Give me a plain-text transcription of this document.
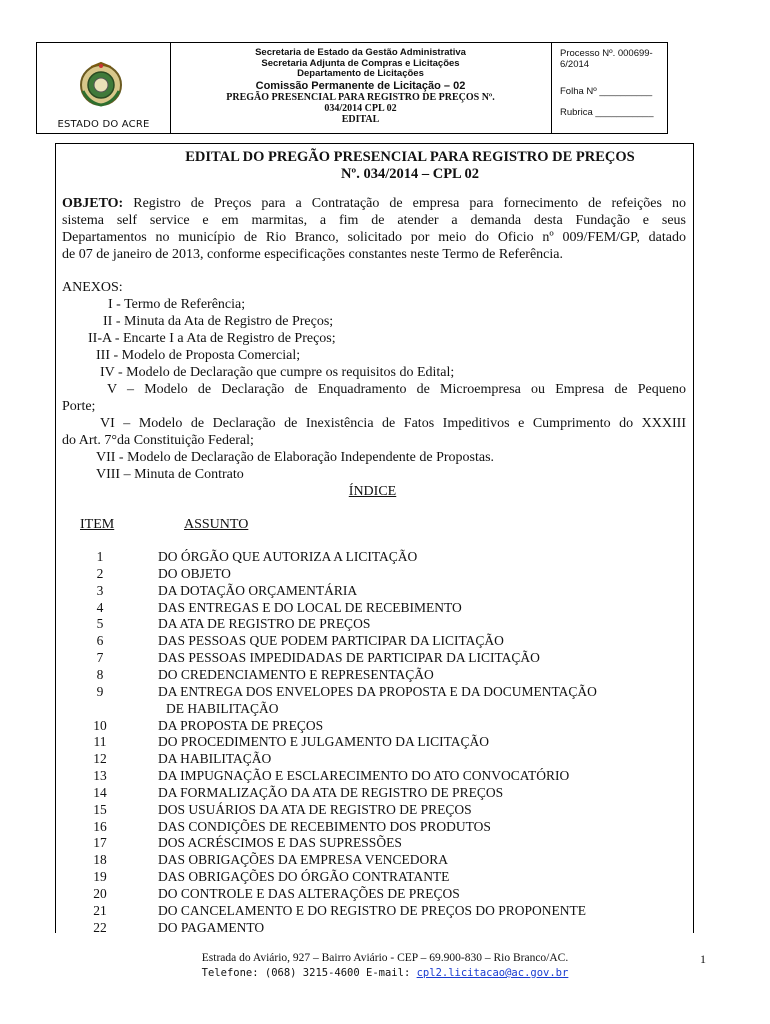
ESTADO DO ACRE
Secretaria de Estado da Gestão Administrativa
Secretaria Adjunta de Compras e Licitações
Departamento de Licitações
Comissão Permanente de Licitação – 02
PREGÃO PRESENCIAL PARA REGISTRO DE PREÇOS Nº.
034/2014 CPL 02
EDITAL
Processo Nº. 000699-6/2014
Folha Nº __________
Rubrica ___________
EDITAL DO PREGÃO PRESENCIAL PARA REGISTRO DE PREÇOS
Nº. 034/2014 – CPL 02
OBJETO: Registro de Preços para a Contratação de empresa para fornecimento de refeições no
sistema self service e em marmitas, a fim de atender a demanda desta Fundação e seus
Departamentos no município de Rio Branco, solicitado por meio do Oficio nº 009/FEM/GP, datado
de 07 de janeiro de 2013, conforme especificações constantes neste Termo de Referência.
ANEXOS:
I - Termo de Referência;
II - Minuta da Ata de Registro de Preços;
II-A - Encarte I a Ata de Registro de Preços;
III - Modelo de Proposta Comercial;
IV - Modelo de Declaração que cumpre os requisitos do Edital;
V – Modelo de Declaração de Enquadramento de Microempresa ou Empresa de Pequeno
Porte;
VI – Modelo de Declaração de Inexistência de Fatos Impeditivos e Cumprimento do XXXIII
do Art. 7°da Constituição Federal;
VII - Modelo de Declaração de Elaboração Independente de Propostas.
VIII – Minuta de Contrato
ÍNDICE
ITEM	ASSUNTO
1	DO ÓRGÃO QUE AUTORIZA A LICITAÇÃO
2	DO OBJETO
3	DA DOTAÇÃO ORÇAMENTÁRIA
4	DAS ENTREGAS E DO LOCAL DE RECEBIMENTO
5	DA ATA DE REGISTRO DE PREÇOS
6	DAS PESSOAS QUE PODEM PARTICIPAR DA LICITAÇÃO
7	DAS PESSOAS IMPEDIDADAS DE PARTICIPAR DA LICITAÇÃO
8	DO CREDENCIAMENTO E REPRESENTAÇÃO
9	DA ENTREGA DOS ENVELOPES DA PROPOSTA E DA DOCUMENTAÇÃO
DE HABILITAÇÃO
10	DA PROPOSTA DE PREÇOS
11	DO PROCEDIMENTO E JULGAMENTO DA LICITAÇÃO
12	DA HABILITAÇÃO
13	DA IMPUGNAÇÃO E ESCLARECIMENTO DO ATO CONVOCATÓRIO
14	DA FORMALIZAÇÃO DA ATA DE REGISTRO DE PREÇOS
15	DOS USUÁRIOS DA ATA DE REGISTRO DE PREÇOS
16	DAS CONDIÇÕES DE RECEBIMENTO DOS PRODUTOS
17	DOS ACRÉSCIMOS E DAS SUPRESSÕES
18	DAS OBRIGAÇÕES DA EMPRESA VENCEDORA
19	DAS OBRIGAÇÕES DO ÓRGÃO CONTRATANTE
20	DO CONTROLE E DAS ALTERAÇÕES DE PREÇOS
21	DO CANCELAMENTO E DO REGISTRO DE PREÇOS DO PROPONENTE
22	DO PAGAMENTO
Estrada do Aviário, 927 – Bairro Aviário - CEP – 69.900-830 – Rio Branco/AC.	1
Telefone: (068) 3215-4600 E-mail: cpl2.licitacao@ac.gov.br
